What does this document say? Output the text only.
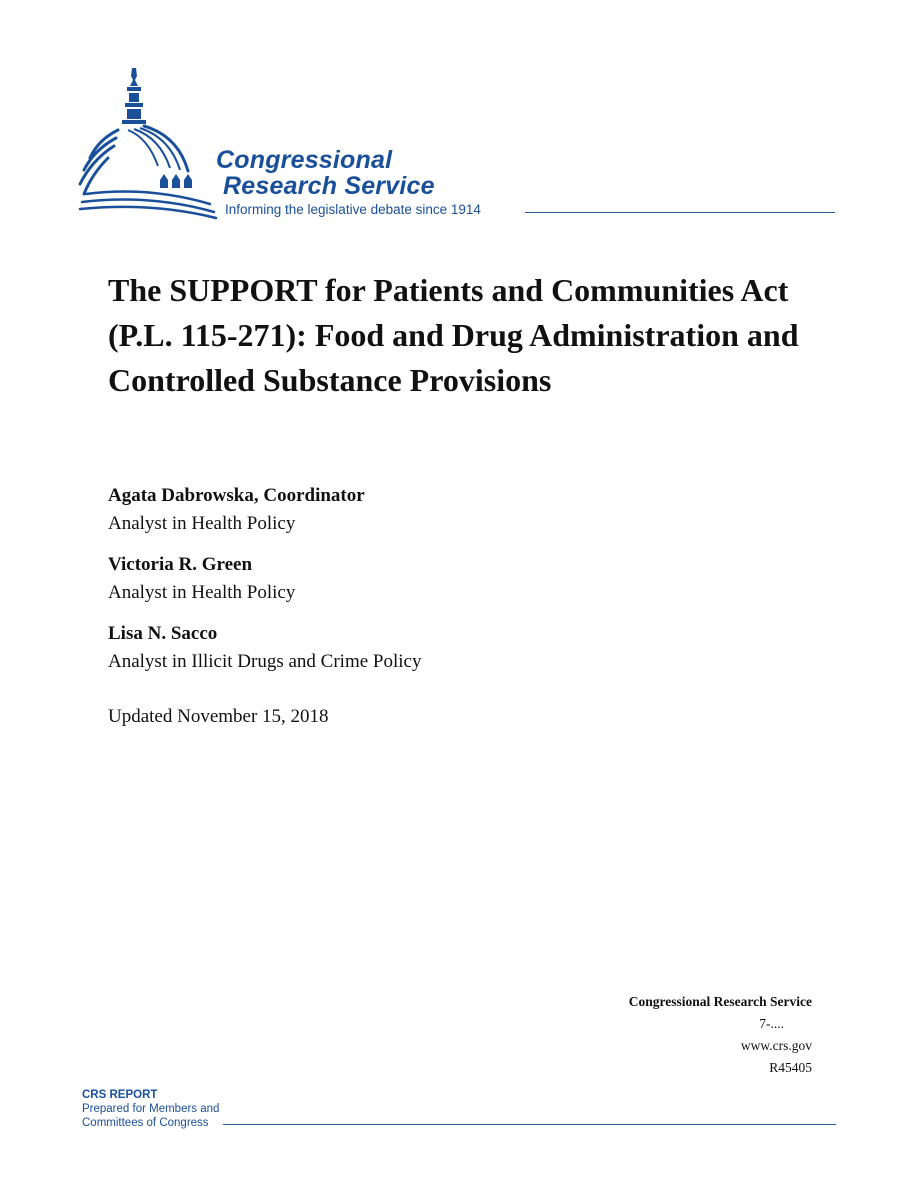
Congressional
Research Service
Informing the legislative debate since 1914
The SUPPORT for Patients and Communities Act (P.L. 115-271): Food and Drug Administration and Controlled Substance Provisions
Agata Dabrowska, Coordinator
Analyst in Health Policy
Victoria R. Green
Analyst in Health Policy
Lisa N. Sacco
Analyst in Illicit Drugs and Crime Policy
Updated November 15, 2018
Congressional Research Service
7-....
www.crs.gov
R45405
CRS REPORT
Prepared for Members and
Committees of Congress
